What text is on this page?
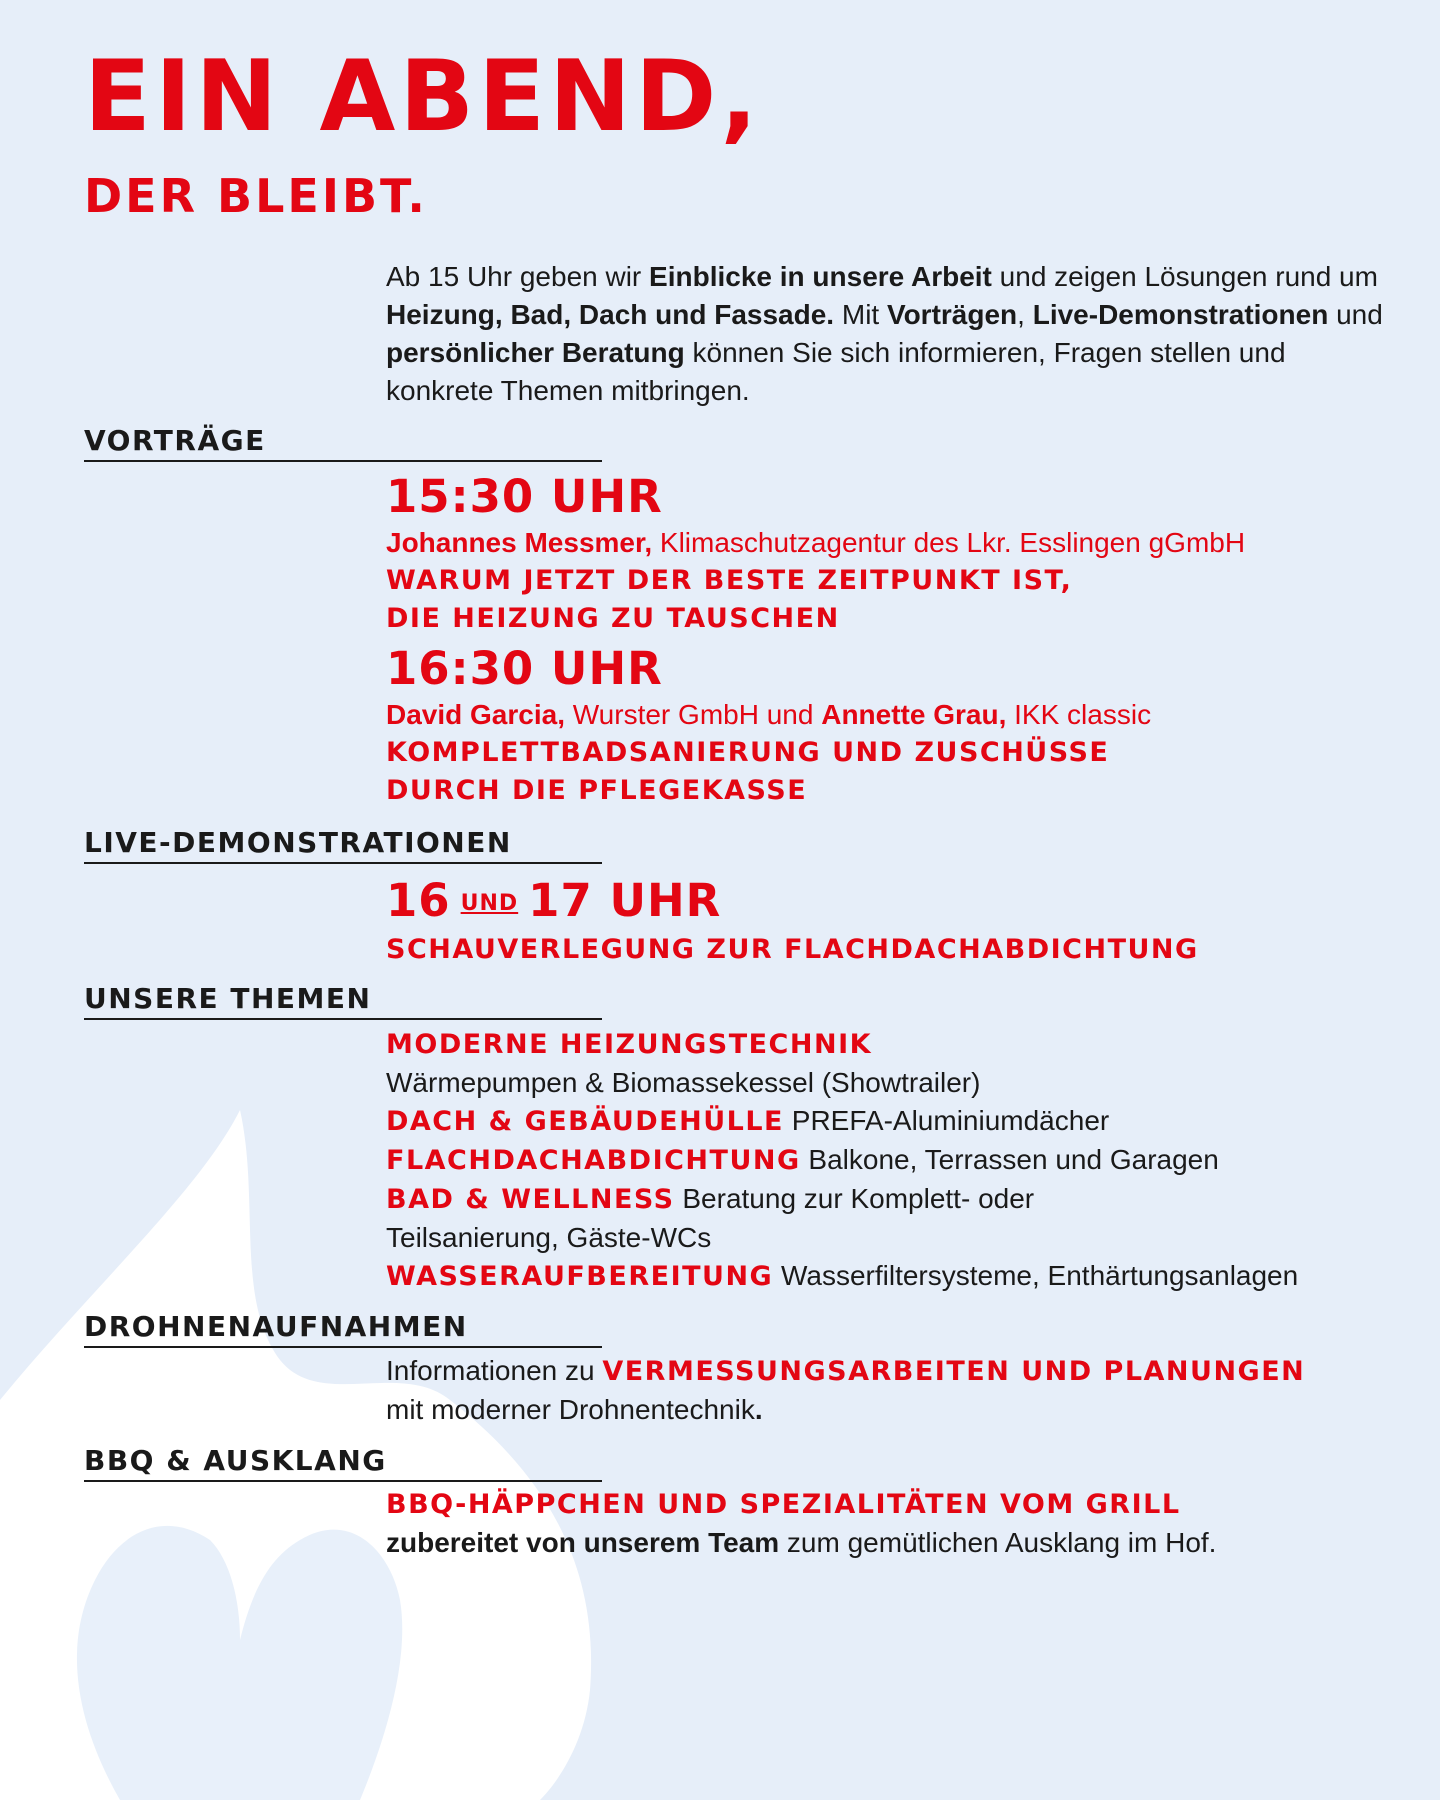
EIN ABEND,
DER BLEIBT.

Ab 15 Uhr geben wir Einblicke in unsere Arbeit und zeigen Lösungen rund um Heizung, Bad, Dach und Fassade. Mit Vorträgen, Live-Demonstrationen und persönlicher Beratung können Sie sich informieren, Fragen stellen und konkrete Themen mitbringen.

VORTRÄGE
15:30 UHR
Johannes Messmer, Klimaschutzagentur des Lkr. Esslingen gGmbH
WARUM JETZT DER BESTE ZEITPUNKT IST,
DIE HEIZUNG ZU TAUSCHEN
16:30 UHR
David Garcia, Wurster GmbH und Annette Grau, IKK classic
KOMPLETTBADSANIERUNG UND ZUSCHÜSSE
DURCH DIE PFLEGEKASSE
LIVE-DEMONSTRATIONEN
16 UND 17 UHR
SCHAUVERLEGUNG ZUR FLACHDACHABDICHTUNG
UNSERE THEMEN
MODERNE HEIZUNGSTECHNIK
Wärmepumpen & Biomassekessel (Showtrailer)
DACH & GEBÄUDEHÜLLE PREFA-Aluminiumdächer
FLACHDACHABDICHTUNG Balkone, Terrassen und Garagen
BAD & WELLNESS Beratung zur Komplett- oder
Teilsanierung, Gäste-WCs
WASSERAUFBEREITUNG Wasserfiltersysteme, Enthärtungsanlagen
DROHNENAUFNAHMEN
Informationen zu VERMESSUNGSARBEITEN UND PLANUNGEN
mit moderner Drohnentechnik.
BBQ & AUSKLANG
BBQ-HÄPPCHEN UND SPEZIALITÄTEN VOM GRILL
zubereitet von unserem Team zum gemütlichen Ausklang im Hof.
